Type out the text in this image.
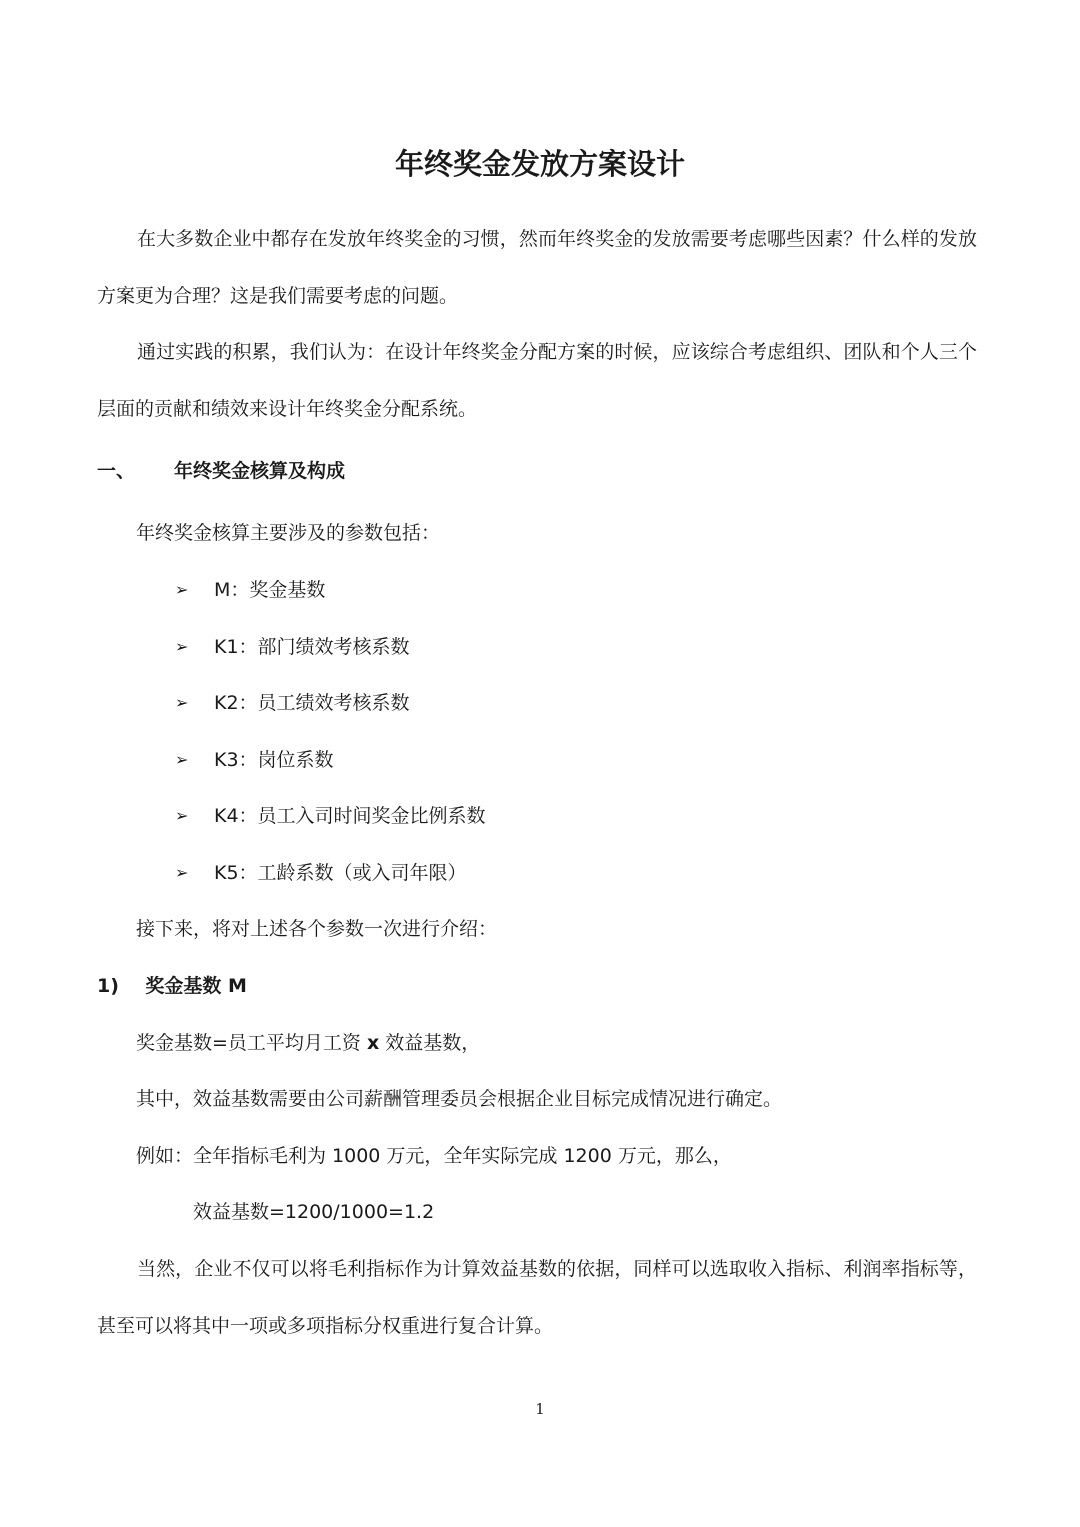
年终奖金发放方案设计
在大多数企业中都存在发放年终奖金的习惯，然而年终奖金的发放需要考虑哪些因素？什么样的发放
方案更为合理？这是我们需要考虑的问题。
通过实践的积累，我们认为：在设计年终奖金分配方案的时候，应该综合考虑组织、团队和个人三个
层面的贡献和绩效来设计年终奖金分配系统。
一、 年终奖金核算及构成
年终奖金核算主要涉及的参数包括：
➢ M：奖金基数
➢ K1：部门绩效考核系数
➢ K2：员工绩效考核系数
➢ K3：岗位系数
➢ K4：员工入司时间奖金比例系数
➢ K5：工龄系数（或入司年限）
接下来，将对上述各个参数一次进行介绍：
1)    奖金基数 M
奖金基数=员工平均月工资 x 效益基数，
其中，效益基数需要由公司薪酬管理委员会根据企业目标完成情况进行确定。
例如：全年指标毛利为 1000 万元，全年实际完成 1200 万元，那么，
效益基数=1200/1000=1.2
当然，企业不仅可以将毛利指标作为计算效益基数的依据，同样可以选取收入指标、利润率指标等，
甚至可以将其中一项或多项指标分权重进行复合计算。
1
